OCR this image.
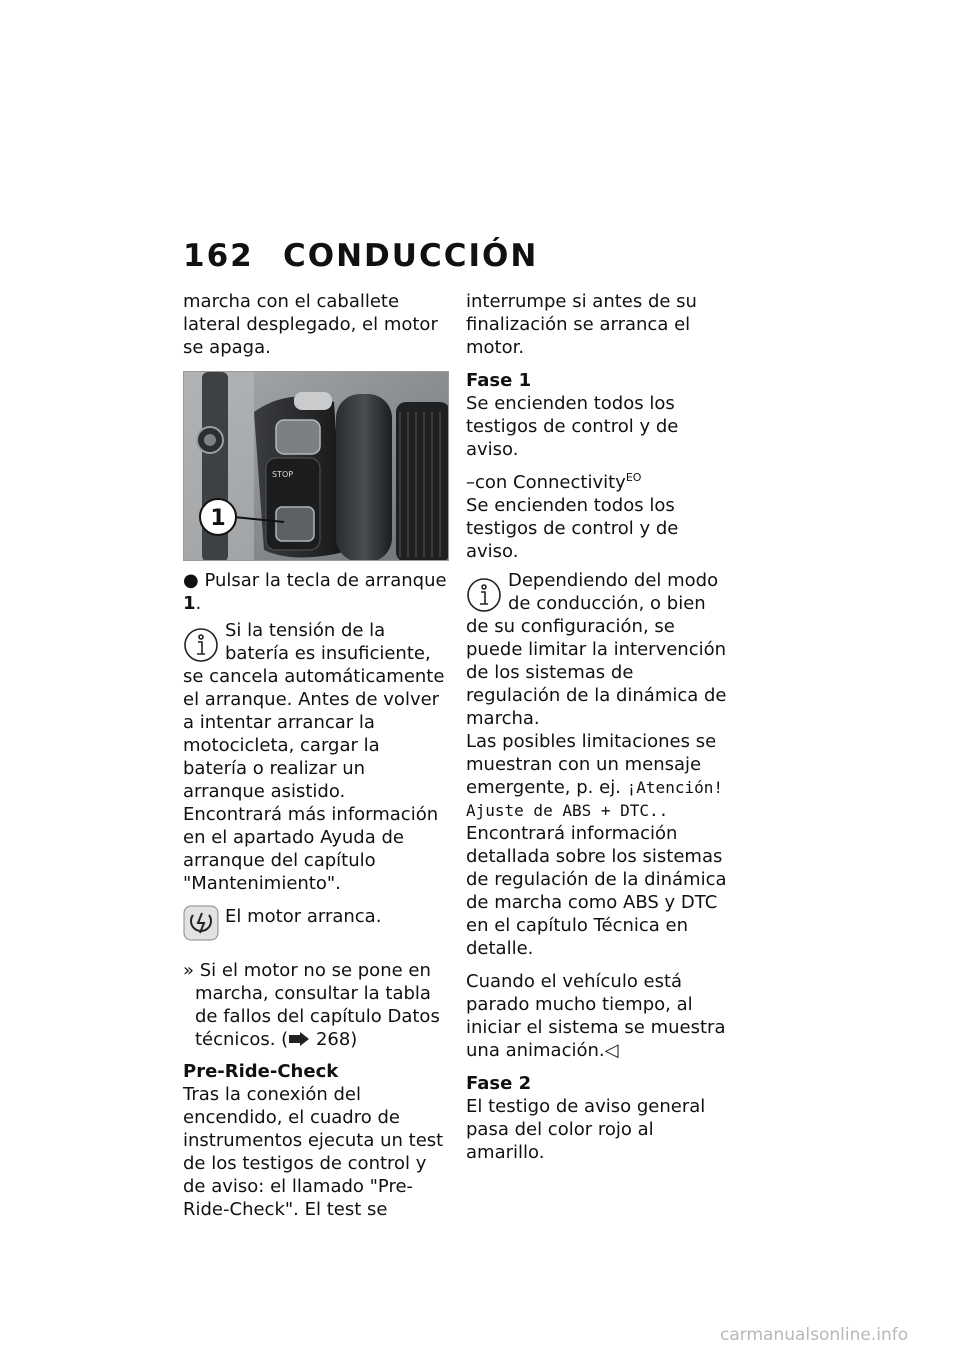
162 CONDUCCIÓN

marcha con el caballete lateral desplegado, el motor se apaga.

STOP
1

● Pulsar la tecla de arranque 1.

Si la tensión de la batería es insuficiente, se cancela automáticamente el arranque. Antes de volver a intentar arrancar la motocicleta, cargar la batería o realizar un arranque asistido.
Encontrará más información en el apartado Ayuda de arranque del capítulo "Mantenimiento".
El motor arranca.

» Si el motor no se pone en marcha, consultar la tabla de fallos del capítulo Datos técnicos. ( 268)

Pre-Ride-Check

Tras la conexión del encendido, el cuadro de instrumentos ejecuta un test de los testigos de control y de aviso: el llamado "Pre-Ride-Check". El test se

interrumpe si antes de su finalización se arranca el motor.

Fase 1

Se encienden todos los testigos de control y de aviso.

–con Connectivity$^{EO}$

Se encienden todos los testigos de control y de aviso.

Dependiendo del modo de conducción, o bien de su configuración, se puede limitar la intervención de los sistemas de regulación de la dinámica de marcha.
Las posibles limitaciones se muestran con un mensaje emergente, p. ej. ¡Atención! Ajuste de ABS + DTC..
Encontrará información detallada sobre los sistemas de regulación de la dinámica de marcha como ABS y DTC en el capítulo Técnica en detalle.

Cuando el vehículo está parado mucho tiempo, al iniciar el sistema se muestra una animación.◁

Fase 2

El testigo de aviso general pasa del color rojo al amarillo.

carmanualsonline.info
